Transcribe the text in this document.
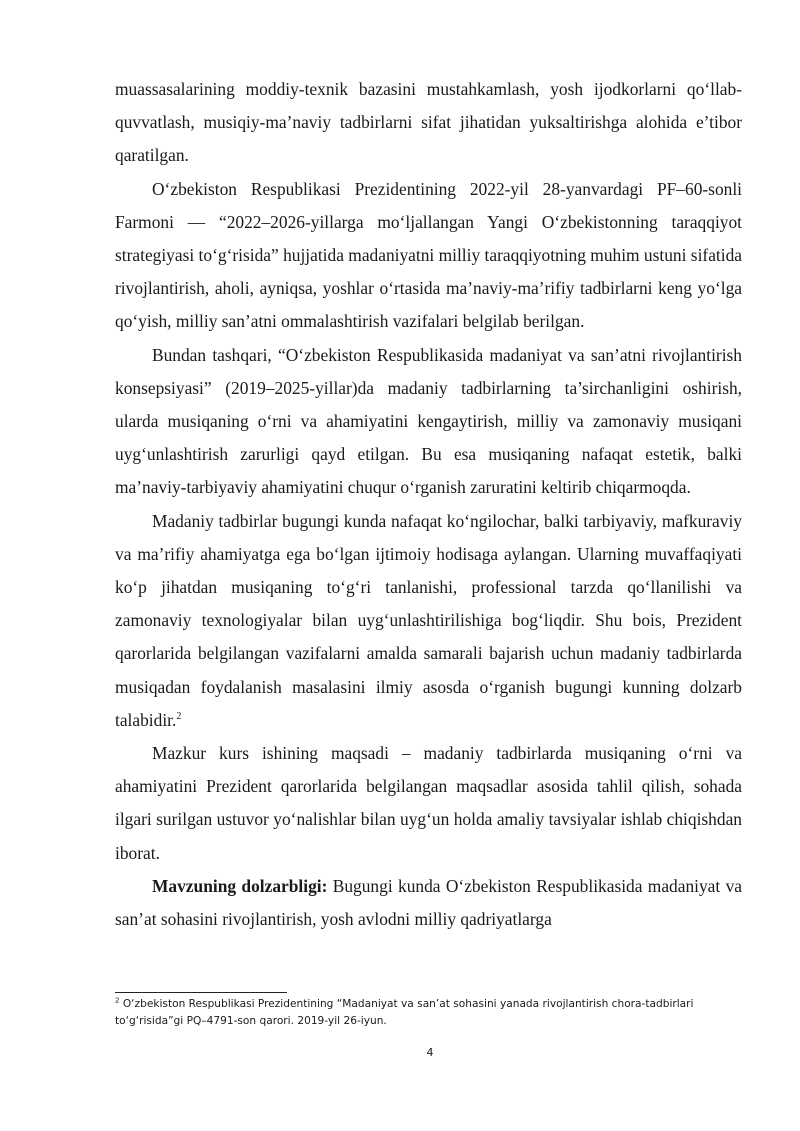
muassasalarining moddiy-texnik bazasini mustahkamlash, yosh ijodkorlarni qo‘llab-quvvatlash, musiqiy-ma’naviy tadbirlarni sifat jihatidan yuksaltirishga alohida e’tibor qaratilgan.

O‘zbekiston Respublikasi Prezidentining 2022-yil 28-yanvardagi PF–60-sonli Farmoni — “2022–2026-yillarga mo‘ljallangan Yangi O‘zbekistonning taraqqiyot strategiyasi to‘g‘risida” hujjatida madaniyatni milliy taraqqiyotning muhim ustuni sifatida rivojlantirish, aholi, ayniqsa, yoshlar o‘rtasida ma’naviy-ma’rifiy tadbirlarni keng yo‘lga qo‘yish, milliy san’atni ommalashtirish vazifalari belgilab berilgan.

Bundan tashqari, “O‘zbekiston Respublikasida madaniyat va san’atni rivojlantirish konsepsiyasi” (2019–2025-yillar)da madaniy tadbirlarning ta’sirchanligini oshirish, ularda musiqaning o‘rni va ahamiyatini kengaytirish, milliy va zamonaviy musiqani uyg‘unlashtirish zarurligi qayd etilgan. Bu esa musiqaning nafaqat estetik, balki ma’naviy-tarbiyaviy ahamiyatini chuqur o‘rganish zaruratini keltirib chiqarmoqda.

Madaniy tadbirlar bugungi kunda nafaqat ko‘ngilochar, balki tarbiyaviy, mafkuraviy va ma’rifiy ahamiyatga ega bo‘lgan ijtimoiy hodisaga aylangan. Ularning muvaffaqiyati ko‘p jihatdan musiqaning to‘g‘ri tanlanishi, professional tarzda qo‘llanilishi va zamonaviy texnologiyalar bilan uyg‘unlashtirilishiga bog‘liqdir. Shu bois, Prezident qarorlarida belgilangan vazifalarni amalda samarali bajarish uchun madaniy tadbirlarda musiqadan foydalanish masalasini ilmiy asosda o‘rganish bugungi kunning dolzarb talabidir.$^2$

Mazkur kurs ishining maqsadi – madaniy tadbirlarda musiqaning o‘rni va ahamiyatini Prezident qarorlarida belgilangan maqsadlar asosida tahlil qilish, sohada ilgari surilgan ustuvor yo‘nalishlar bilan uyg‘un holda amaliy tavsiyalar ishlab chiqishdan iborat.

Mavzuning dolzarbligi: Bugungi kunda O‘zbekiston Respublikasida madaniyat va san’at sohasini rivojlantirish, yosh avlodni milliy qadriyatlarga

$^2$ O‘zbekiston Respublikasi Prezidentining “Madaniyat va san’at sohasini yanada rivojlantirish chora-tadbirlari to‘g‘risida”gi PQ–4791-son qarori. 2019-yil 26-iyun.
4
